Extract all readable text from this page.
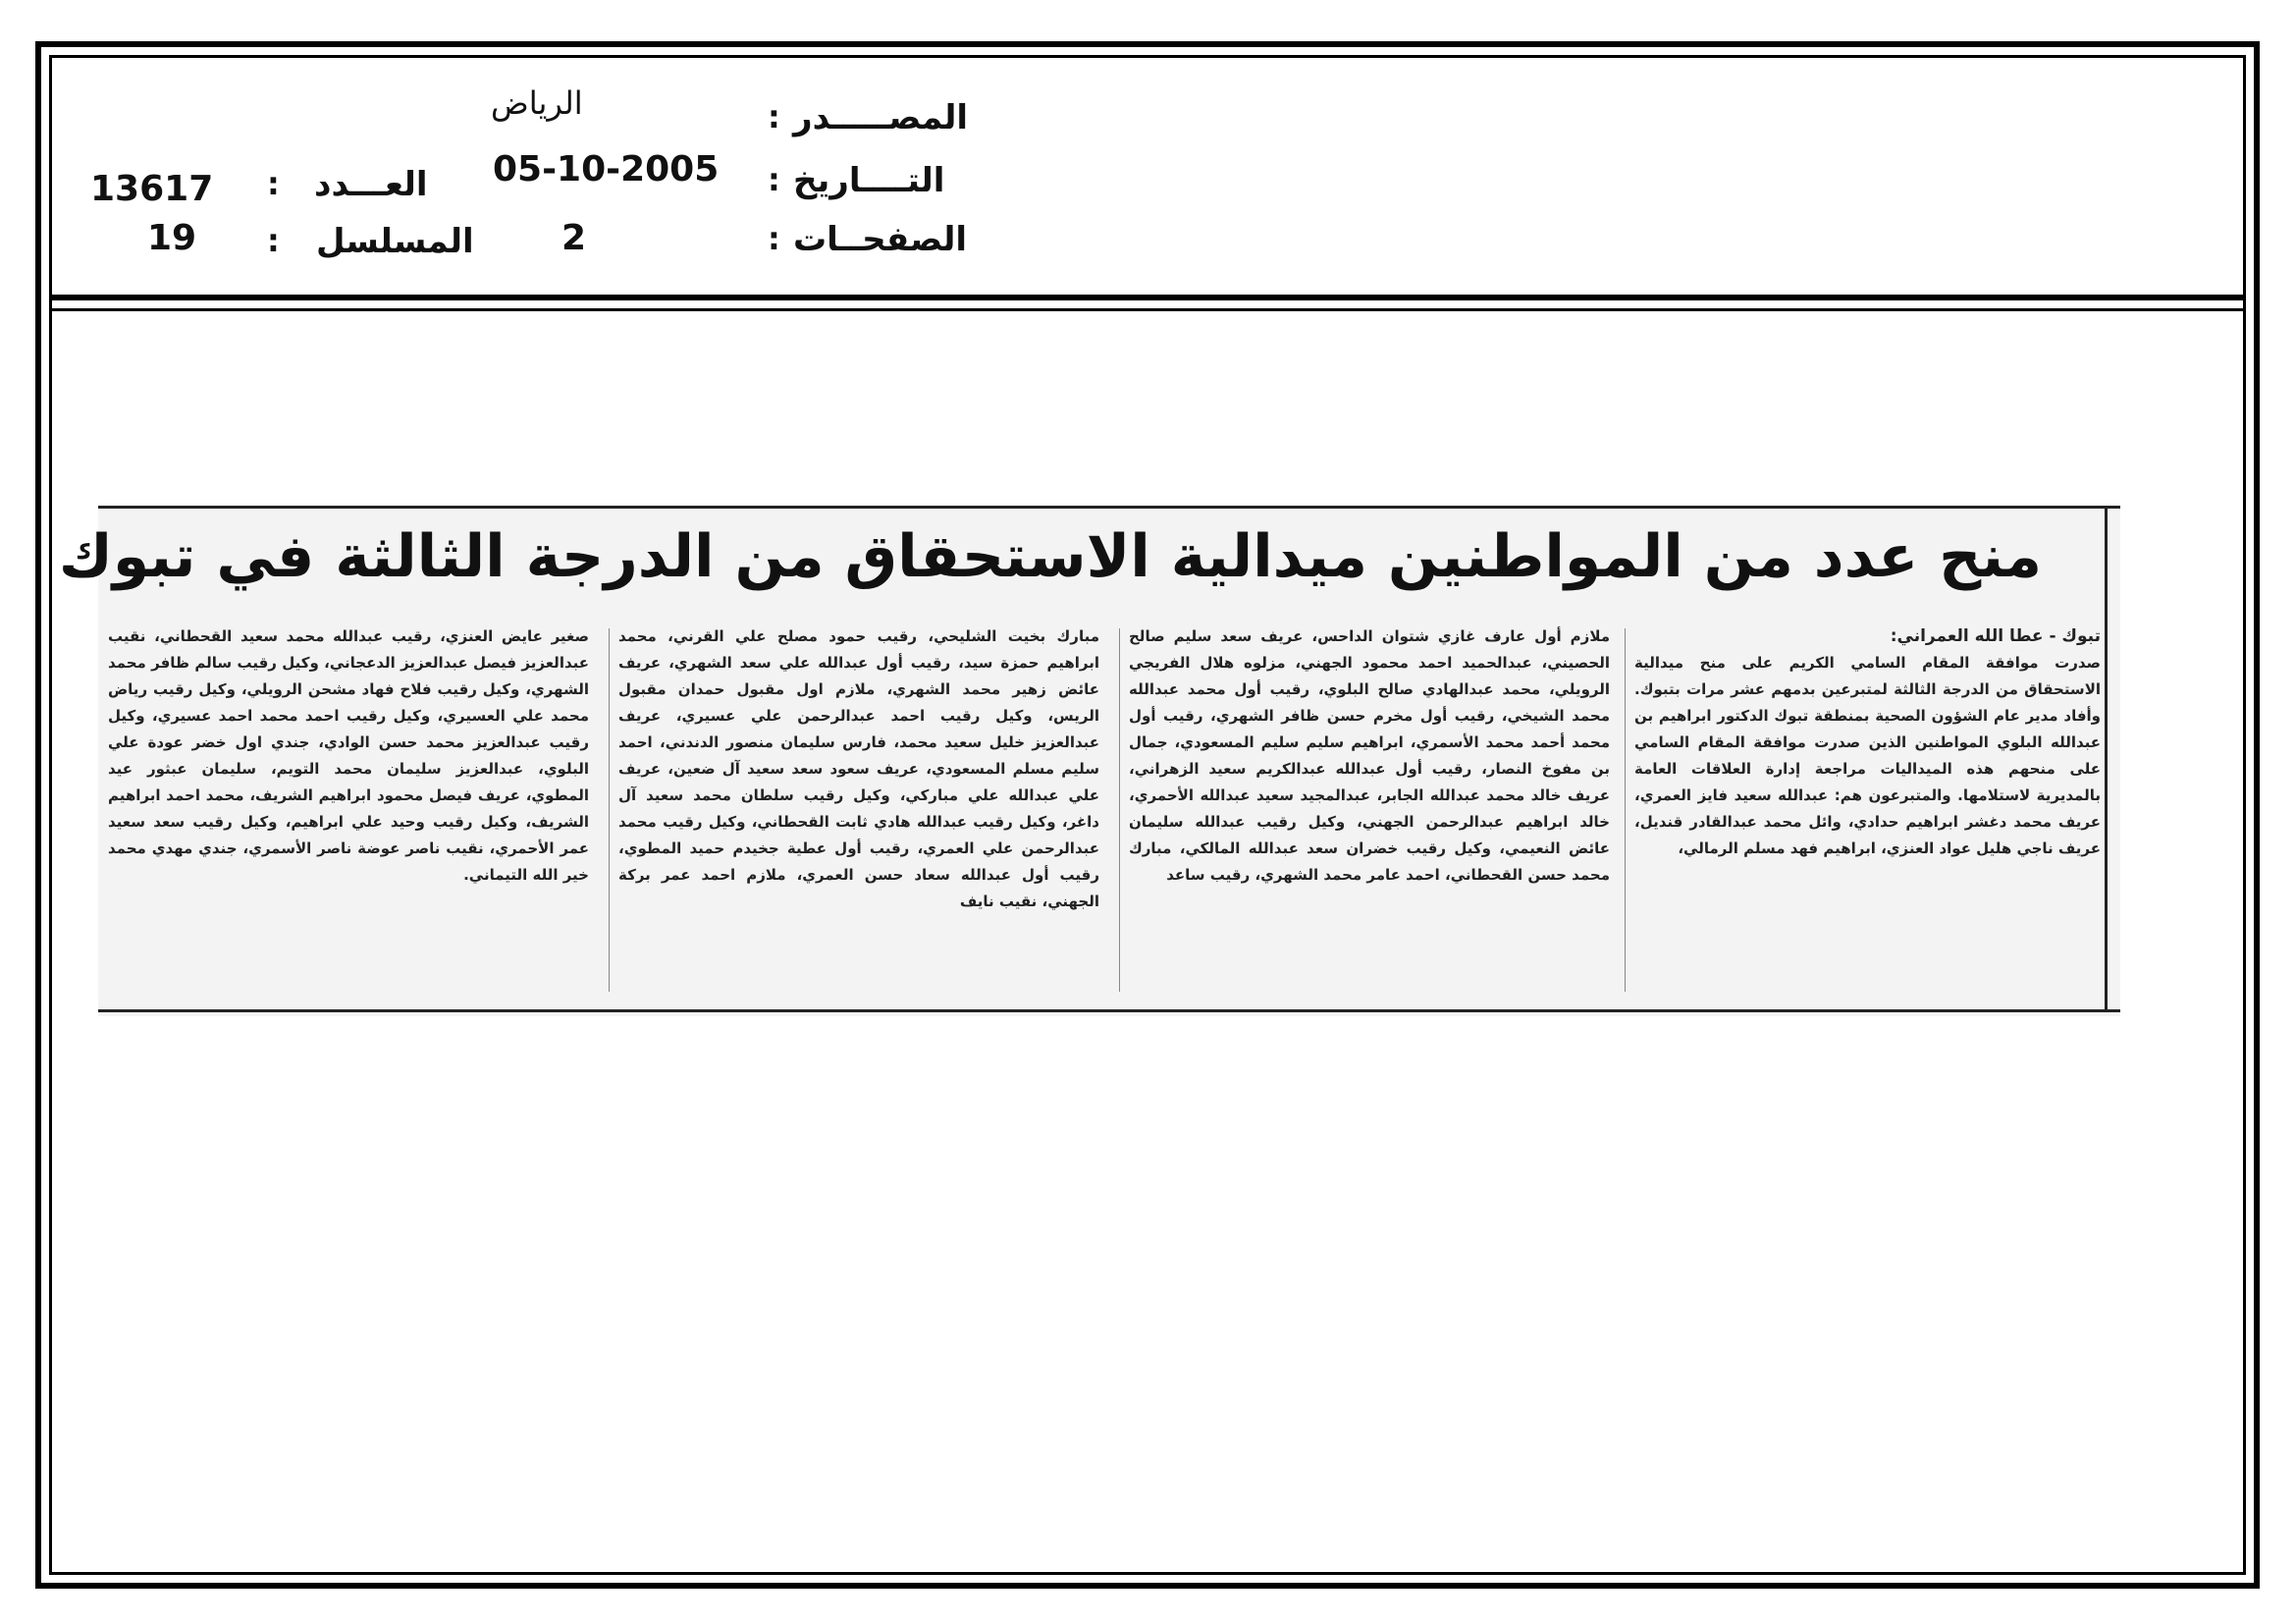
المصـــــدر
:
الرياض
التــــاريخ
:
05-10-2005
الصفحــات
:
2
العـــدد
:
13617
المسلسل
:
19
منح عدد من المواطنين ميدالية الاستحقاق من الدرجة الثالثة في تبوك

تبوك - عطا الله العمراني:

صدرت موافقة المقام السامي الكريم على منح ميدالية الاستحقاق من الدرجة الثالثة لمتبرعين بدمهم عشر مرات بتبوك. وأفاد مدير عام الشؤون الصحية بمنطقة تبوك الدكتور ابراهيم بن عبدالله البلوي المواطنين الذين صدرت موافقة المقام السامي على منحهم هذه الميداليات مراجعة إدارة العلاقات العامة بالمديرية لاستلامها. والمتبرعون هم: عبدالله سعيد فايز العمري، عريف محمد دغشر ابراهيم حدادي، وائل محمد عبدالقادر قنديل، عريف ناجي هليل عواد العنزي، ابراهيم فهد مسلم الرمالي،

ملازم أول عارف غازي شتوان الداحس، عريف سعد سليم صالح الحصيني، عبدالحميد احمد محمود الجهني، مزلوه هلال الفريجي الرويلي، محمد عبدالهادي صالح البلوي، رقيب أول محمد عبدالله محمد الشيخي، رقيب أول مخرم حسن ظافر الشهري، رقيب أول محمد أحمد محمد الأسمري، ابراهيم سليم سليم المسعودي، جمال بن مفوخ النصار، رقيب أول عبدالله عبدالكريم سعيد الزهراني، عريف خالد محمد عبدالله الجابر، عبدالمجيد سعيد عبدالله الأحمري، خالد ابراهيم عبدالرحمن الجهني، وكيل رقيب عبدالله سليمان عائض النعيمي، وكيل رقيب خضران سعد عبدالله المالكي، مبارك محمد حسن القحطاني، احمد عامر محمد الشهري، رقيب ساعد

مبارك بخيت الشليحي، رقيب حمود مصلح علي القرني، محمد ابراهيم حمزة سيد، رقيب أول عبدالله علي سعد الشهري، عريف عائض زهير محمد الشهري، ملازم اول مقبول حمدان مقبول الريس، وكيل رقيب احمد عبدالرحمن علي عسيري، عريف عبدالعزيز خليل سعيد محمد، فارس سليمان منصور الدندني، احمد سليم مسلم المسعودي، عريف سعود سعد سعيد آل ضعين، عريف علي عبدالله علي مباركي، وكيل رقيب سلطان محمد سعيد آل داغر، وكيل رقيب عبدالله هادي ثابت القحطاني، وكيل رقيب محمد عبدالرحمن علي العمري، رقيب أول عطية جخيدم حميد المطوي، رقيب أول عبدالله سعاد حسن العمري، ملازم احمد عمر بركة الجهني، نقيب نايف

صغير عايض العنزي، رقيب عبدالله محمد سعيد القحطاني، نقيب عبدالعزيز فيصل عبدالعزيز الدعجاني، وكيل رقيب سالم ظافر محمد الشهري، وكيل رقيب فلاح فهاد مشحن الرويلي، وكيل رقيب رياض محمد علي العسيري، وكيل رقيب احمد محمد احمد عسيري، وكيل رقيب عبدالعزيز محمد حسن الوادي، جندي اول خضر عودة علي البلوي، عبدالعزيز سليمان محمد التويم، سليمان عبثور عيد المطوي، عريف فيصل محمود ابراهيم الشريف، محمد احمد ابراهيم الشريف، وكيل رقيب وحيد علي ابراهيم، وكيل رقيب سعد سعيد عمر الأحمري، نقيب ناصر عوضة ناصر الأسمري، جندي مهدي محمد خير الله التيماني.
